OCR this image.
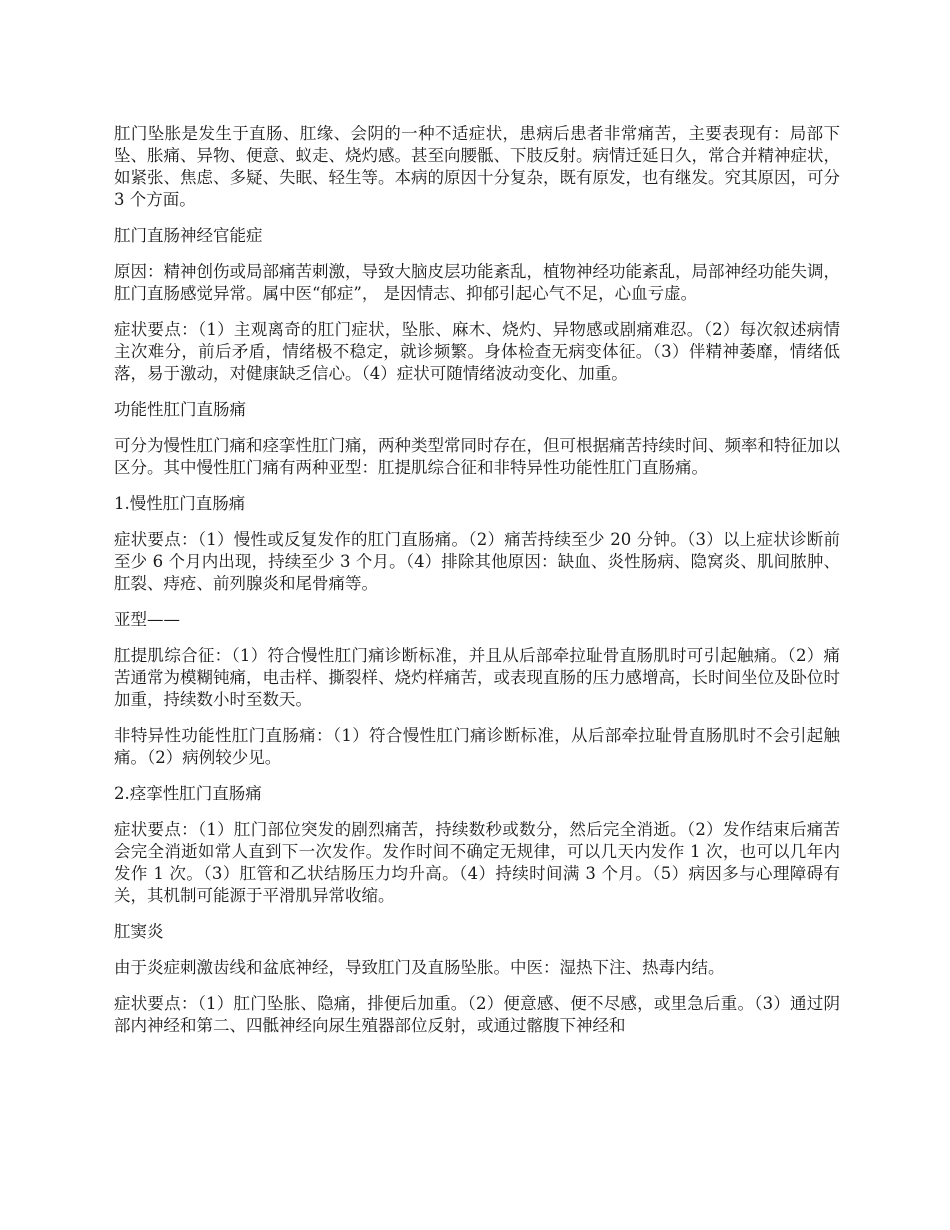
肛门坠胀是发生于直肠、肛缘、会阴的一种不适症状，患病后患者非常痛苦，主要表现有：局部下坠、胀痛、异物、便意、蚁走、烧灼感。甚至向腰骶、下肢反射。病情迁延日久，常合并精神症状，如紧张、焦虑、多疑、失眠、轻生等。本病的原因十分复杂，既有原发，也有继发。究其原因，可分 3 个方面。

肛门直肠神经官能症

原因：精神创伤或局部痛苦刺激，导致大脑皮层功能紊乱，植物神经功能紊乱，局部神经功能失调，肛门直肠感觉异常。属中医“郁症”， 是因情志、抑郁引起心气不足，心血亏虚。

症状要点：（1）主观离奇的肛门症状，坠胀、麻木、烧灼、异物感或剧痛难忍。（2）每次叙述病情主次难分，前后矛盾，情绪极不稳定，就诊频繁。身体检查无病变体征。（3）伴精神萎靡，情绪低落，易于激动，对健康缺乏信心。（4）症状可随情绪波动变化、加重。

功能性肛门直肠痛

可分为慢性肛门痛和痉挛性肛门痛，两种类型常同时存在，但可根据痛苦持续时间、频率和特征加以区分。其中慢性肛门痛有两种亚型：肛提肌综合征和非特异性功能性肛门直肠痛。

1.慢性肛门直肠痛

症状要点：（1）慢性或反复发作的肛门直肠痛。（2）痛苦持续至少 20 分钟。（3）以上症状诊断前至少 6 个月内出现，持续至少 3 个月。（4）排除其他原因：缺血、炎性肠病、隐窝炎、肌间脓肿、肛裂、痔疮、前列腺炎和尾骨痛等。

亚型——

肛提肌综合征：（1）符合慢性肛门痛诊断标准，并且从后部牵拉耻骨直肠肌时可引起触痛。（2）痛苦通常为模糊钝痛，电击样、撕裂样、烧灼样痛苦，或表现直肠的压力感增高，长时间坐位及卧位时加重，持续数小时至数天。

非特异性功能性肛门直肠痛：（1）符合慢性肛门痛诊断标准，从后部牵拉耻骨直肠肌时不会引起触痛。（2）病例较少见。

2.痉挛性肛门直肠痛

症状要点：（1）肛门部位突发的剧烈痛苦，持续数秒或数分，然后完全消逝。（2）发作结束后痛苦会完全消逝如常人直到下一次发作。发作时间不确定无规律，可以几天内发作 1 次，也可以几年内发作 1 次。（3）肛管和乙状结肠压力均升高。（4）持续时间满 3 个月。（5）病因多与心理障碍有关，其机制可能源于平滑肌异常收缩。

肛窦炎

由于炎症刺激齿线和盆底神经，导致肛门及直肠坠胀。中医：湿热下注、热毒内结。

症状要点：（1）肛门坠胀、隐痛，排便后加重。（2）便意感、便不尽感，或里急后重。（3）通过阴部内神经和第二、四骶神经向尿生殖器部位反射，或通过髂腹下神经和
